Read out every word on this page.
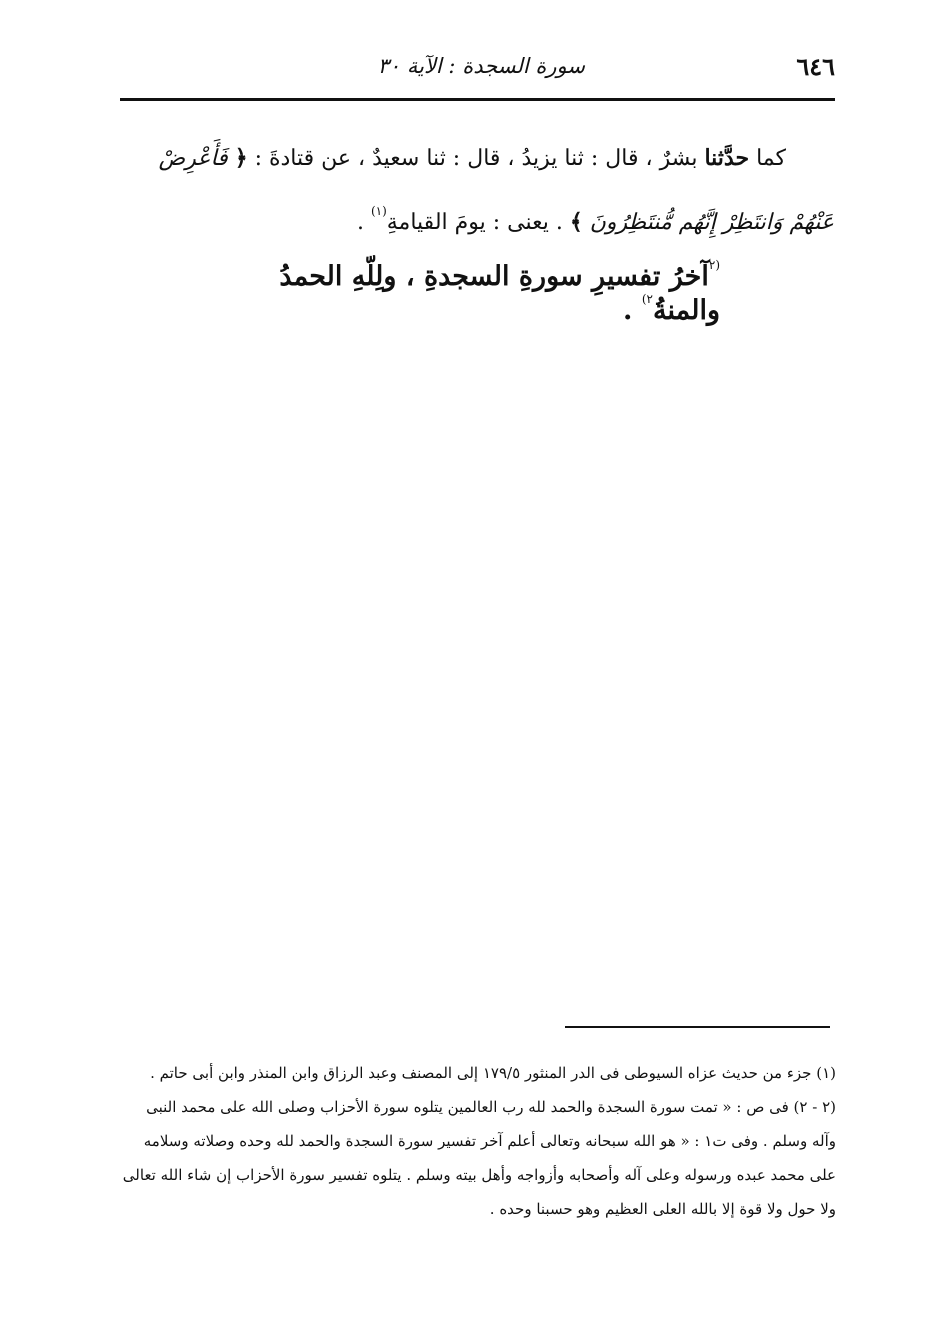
٦٤٦
سورة السجدة : الآية ٣٠
كما حدَّثنا بشرٌ ، قال : ثنا يزيدُ ، قال : ثنا سعيدٌ ، عن قتادةَ : ﴿ فَأَعْرِضْ
عَنْهُمْ وَانتَظِرْ إِنَّهُم مُّنتَظِرُونَ ﴾ . يعنى : يومَ القيامةِ$^{(١)}$ .
$^{(٢}$آخرُ تفسيرِ سورةِ السجدةِ ، ولِلّهِ الحمدُ والمنةُ$^{٢)}$ .

(١) جزء من حديث عزاه السيوطى فى الدر المنثور ١٧٩/٥ إلى المصنف وعبد الرزاق وابن المنذر وابن أبى حاتم .

(٢ - ٢) فى ص : « تمت سورة السجدة والحمد لله رب العالمين يتلوه سورة الأحزاب وصلى الله على محمد النبى وآله وسلم . وفى ت١ : « هو الله سبحانه وتعالى أعلم آخر تفسير سورة السجدة والحمد لله وحده وصلاته وسلامه على محمد عبده ورسوله وعلى آله وأصحابه وأزواجه وأهل بيته وسلم . يتلوه تفسير سورة الأحزاب إن شاء الله تعالى ولا حول ولا قوة إلا بالله العلى العظيم وهو حسبنا وحده .
